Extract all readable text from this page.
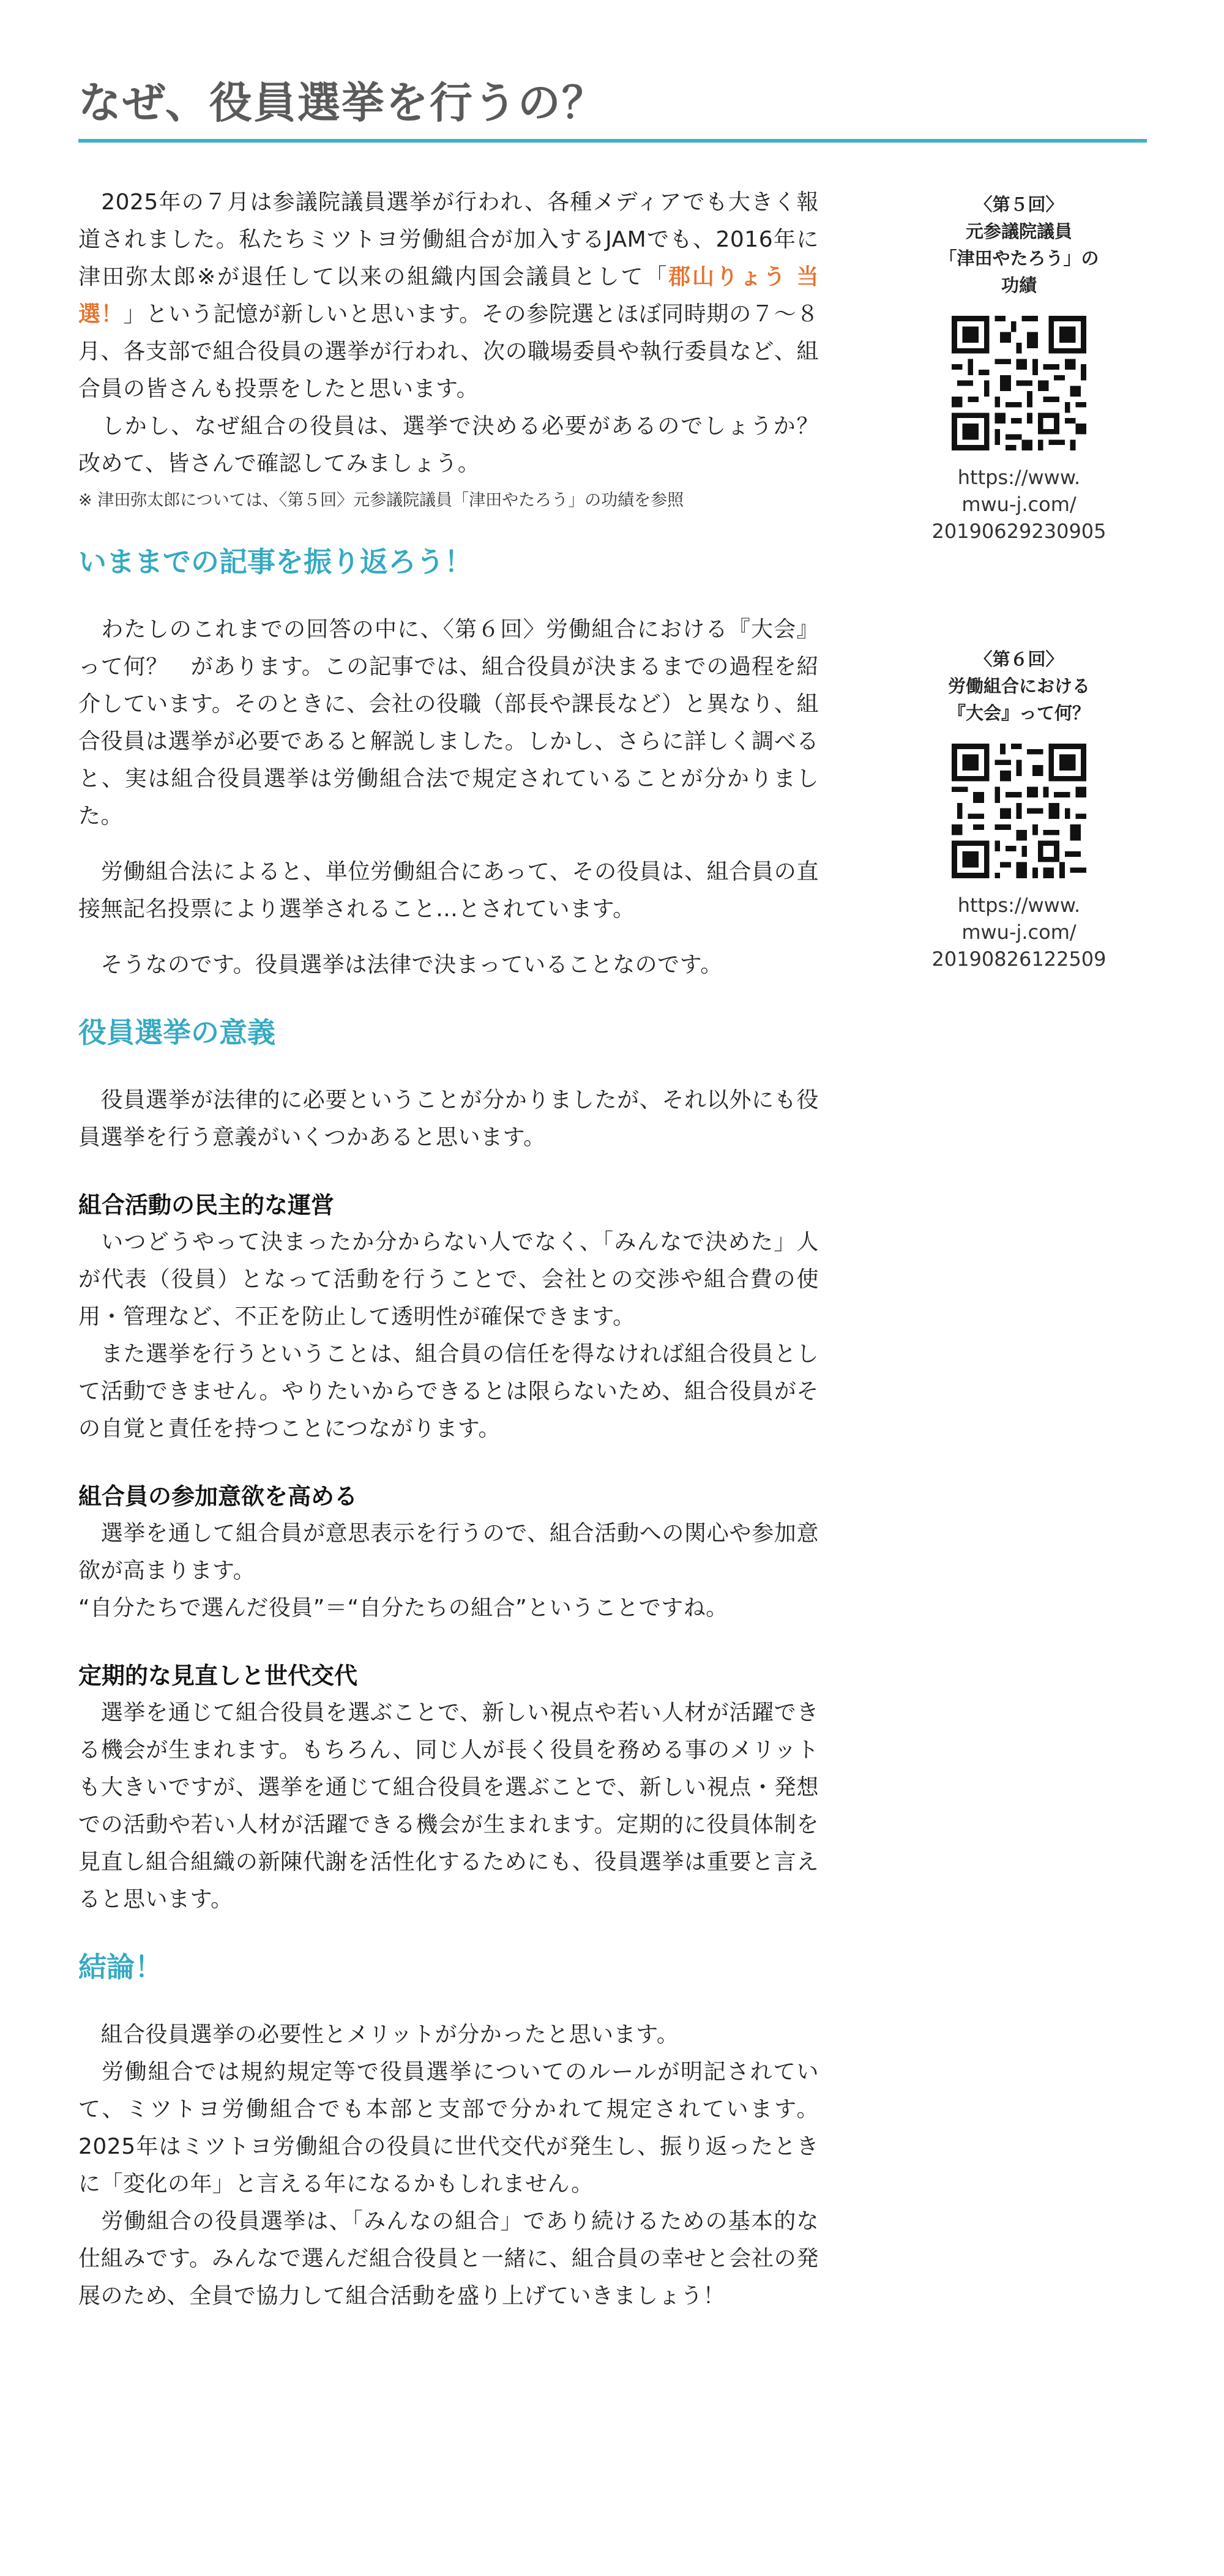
なぜ、役員選挙を行うの？

　2025年の７月は参議院議員選挙が行われ、各種メディアでも大きく報道されました。私たちミツトヨ労働組合が加入するJAMでも、2016年に津田弥太郎※が退任して以来の組織内国会議員として「郡山りょう 当選！」という記憶が新しいと思います。その参院選とほぼ同時期の７～８月、各支部で組合役員の選挙が行われ、次の職場委員や執行委員など、組合員の皆さんも投票をしたと思います。

　しかし、なぜ組合の役員は、選挙で決める必要があるのでしょうか？　改めて、皆さんで確認してみましょう。

※ 津田弥太郎については、〈第５回〉元参議院議員「津田やたろう」の功績を参照

いままでの記事を振り返ろう！

　わたしのこれまでの回答の中に、〈第６回〉労働組合における『大会』って何？　があります。この記事では、組合役員が決まるまでの過程を紹介しています。そのときに、会社の役職（部長や課長など）と異なり、組合役員は選挙が必要であると解説しました。しかし、さらに詳しく調べると、実は組合役員選挙は労働組合法で規定されていることが分かりました。

　労働組合法によると、単位労働組合にあって、その役員は、組合員の直接無記名投票により選挙されること…とされています。

　そうなのです。役員選挙は法律で決まっていることなのです。

役員選挙の意義

　役員選挙が法律的に必要ということが分かりましたが、それ以外にも役員選挙を行う意義がいくつかあると思います。

組合活動の民主的な運営

　いつどうやって決まったか分からない人でなく、「みんなで決めた」人が代表（役員）となって活動を行うことで、会社との交渉や組合費の使用・管理など、不正を防止して透明性が確保できます。

　また選挙を行うということは、組合員の信任を得なければ組合役員として活動できません。やりたいからできるとは限らないため、組合役員がその自覚と責任を持つことにつながります。

組合員の参加意欲を高める

　選挙を通して組合員が意思表示を行うので、組合活動への関心や参加意欲が高まります。

“自分たちで選んだ役員”＝“自分たちの組合”ということですね。

定期的な見直しと世代交代

　選挙を通じて組合役員を選ぶことで、新しい視点や若い人材が活躍できる機会が生まれます。もちろん、同じ人が長く役員を務める事のメリットも大きいですが、選挙を通じて組合役員を選ぶことで、新しい視点・発想での活動や若い人材が活躍できる機会が生まれます。定期的に役員体制を見直し組合組織の新陳代謝を活性化するためにも、役員選挙は重要と言えると思います。

結論！

　組合役員選挙の必要性とメリットが分かったと思います。

　労働組合では規約規定等で役員選挙についてのルールが明記されていて、ミツトヨ労働組合でも本部と支部で分かれて規定されています。2025年はミツトヨ労働組合の役員に世代交代が発生し、振り返ったときに「変化の年」と言える年になるかもしれません。

　労働組合の役員選挙は、「みんなの組合」であり続けるための基本的な仕組みです。みんなで選んだ組合役員と一緒に、組合員の幸せと会社の発展のため、全員で協力して組合活動を盛り上げていきましょう！

〈第５回〉

元参議院議員

「津田やたろう」の

功績

https://www.

mwu-j.com/

20190629230905

〈第６回〉

労働組合における

『大会』って何？

https://www.

mwu-j.com/

20190826122509
